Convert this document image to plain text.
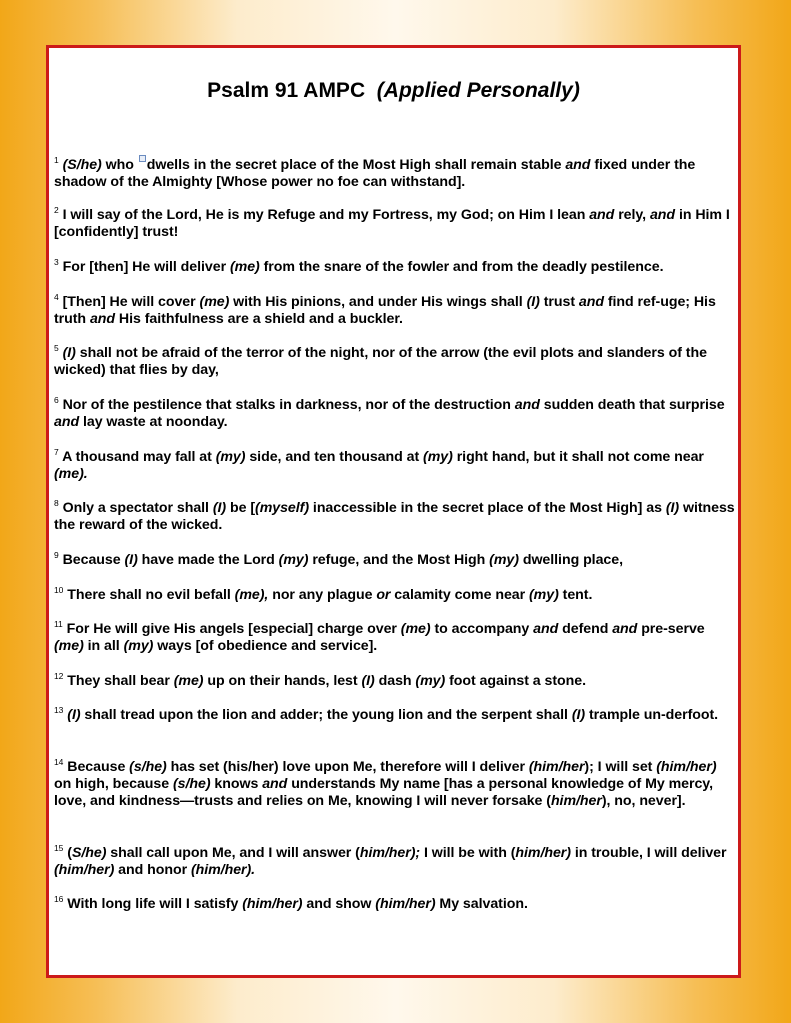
Psalm 91 AMPC (Applied Personally)

$^1$ (S/he) who dwells in the secret place of the Most High shall remain stable and fixed under the shadow of the Almighty [Whose power no foe can withstand].

$^2$ I will say of the Lord, He is my Refuge and my Fortress, my God; on Him I lean and rely, and in Him I [confidently] trust!

$^3$ For [then] He will deliver (me) from the snare of the fowler and from the deadly pestilence.

$^4$ [Then] He will cover (me) with His pinions, and under His wings shall (I) trust and find ref-uge; His truth and His faithfulness are a shield and a buckler.

$^5$ (I) shall not be afraid of the terror of the night, nor of the arrow (the evil plots and slanders of the wicked) that flies by day,

$^6$ Nor of the pestilence that stalks in darkness, nor of the destruction and sudden death that surprise and lay waste at noonday.

$^7$ A thousand may fall at (my) side, and ten thousand at (my) right hand, but it shall not come near (me).

$^8$ Only a spectator shall (I) be [(myself) inaccessible in the secret place of the Most High] as (I) witness the reward of the wicked.

$^9$ Because (I) have made the Lord (my) refuge, and the Most High (my) dwelling place,

$^{10}$ There shall no evil befall (me), nor any plague or calamity come near (my) tent.

$^{11}$ For He will give His angels [especial] charge over (me) to accompany and defend and pre-serve (me) in all (my) ways [of obedience and service].

$^{12}$ They shall bear (me) up on their hands, lest (I) dash (my) foot against a stone.

$^{13}$ (I) shall tread upon the lion and adder; the young lion and the serpent shall (I) trample un-derfoot.

$^{14}$ Because (s/he) has set (his/her) love upon Me, therefore will I deliver (him/her); I will set (him/her) on high, because (s/he) knows and understands My name [has a personal knowledge of My mercy, love, and kindness—trusts and relies on Me, knowing I will never forsake (him/her), no, never].

$^{15}$ (S/he) shall call upon Me, and I will answer (him/her); I will be with (him/her) in trouble, I will deliver (him/her) and honor (him/her).

$^{16}$ With long life will I satisfy (him/her) and show (him/her) My salvation.
